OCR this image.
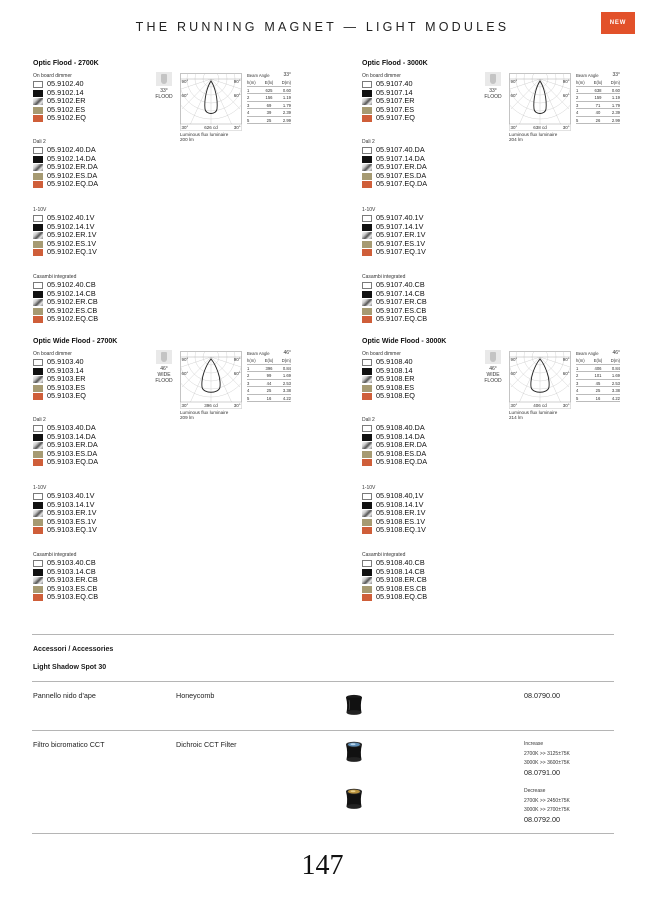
THE RUNNING MAGNET — LIGHT MODULES	NEW
Optic Flood - 2700K
On board dimmer
05.9102.40
05.9102.14
05.9102.ER
05.9102.ES
05.9102.EQ
Dali 2
05.9102.40.DA
05.9102.14.DA
05.9102.ER.DA
05.9102.ES.DA
05.9102.EQ.DA
1-10V
05.9102.40.1V
05.9102.14.1V
05.9102.ER.1V
05.9102.ES.1V
05.9102.EQ.1V
Casambi integrated
05.9102.40.CB
05.9102.14.CB
05.9102.ER.CB
05.9102.ES.CB
05.9102.EQ.CB
33°
FLOOD
90°	90°
60°	60°
30°	626 cd	30°
Luminous flux luminaire
200 lm
Beam Angle	33°
h(m)	E(lx)	D(m)
1	625	0.60
2	156	1.19
3	69	1.79
4	39	2.39
5	25	2.99
Optic Flood - 3000K
On board dimmer
05.9107.40
05.9107.14
05.9107.ER
05.9107.ES
05.9107.EQ
Dali 2
05.9107.40.DA
05.9107.14.DA
05.9107.ER.DA
05.9107.ES.DA
05.9107.EQ.DA
1-10V
05.9107.40.1V
05.9107.14.1V
05.9107.ER.1V
05.9107.ES.1V
05.9107.EQ.1V
Casambi integrated
05.9107.40.CB
05.9107.14.CB
05.9107.ER.CB
05.9107.ES.CB
05.9107.EQ.CB
33°
FLOOD
90°	90°
60°	60°
30°	638 cd	30°
Luminous flux luminaire
204 lm
Beam Angle	33°
h(m)	E(lx)	D(m)
1	638	0.60
2	159	1.19
3	71	1.79
4	40	2.39
5	26	2.99
Optic Wide Flood - 2700K
On board dimmer
05.9103.40
05.9103.14
05.9103.ER
05.9103.ES
05.9103.EQ
Dali 2
05.9103.40.DA
05.9103.14.DA
05.9103.ER.DA
05.9103.ES.DA
05.9103.EQ.DA
1-10V
05.9103.40.1V
05.9103.14.1V
05.9103.ER.1V
05.9103.ES.1V
05.9103.EQ.1V
Casambi integrated
05.9103.40.CB
05.9103.14.CB
05.9103.ER.CB
05.9103.ES.CB
05.9103.EQ.CB
46°
WIDE FLOOD
90°	90°
60°	60°
30°	396 cd	30°
Luminous flux luminaire
209 lm
Beam Angle	46°
h(m)	E(lx)	D(m)
1	396	0.84
2	99	1.69
3	44	2.53
4	25	3.38
5	16	4.22
Optic Wide Flood - 3000K
On board dimmer
05.9108.40
05.9108.14
05.9108.ER
05.9108.ES
05.9108.EQ
Dali 2
05.9108.40.DA
05.9108.14.DA
05.9108.ER.DA
05.9108.ES.DA
05.9108.EQ.DA
1-10V
05.9108.40,1V
05.9108.14.1V
05.9108.ER.1V
05.9108.ES.1V
05.9108.EQ.1V
Casambi integrated
05.9108.40.CB
05.9108.14.CB
05.9108.ER.CB
05.9108.ES.CB
05.9108.EQ.CB
46°
WIDE FLOOD
90°	90°
60°	60°
30°	406 cd	30°
Luminous flux luminaire
214 lm
Beam Angle	46°
h(m)	E(lx)	D(m)
1	406	0.84
2	101	1.69
3	45	2.53
4	25	3.38
5	16	4.22
Accessori / Accessories
Light Shadow Spot 30
Pannello nido d'ape	Honeycomb	08.0790.00
Filtro bicromatico CCT	Dichroic CCT Filter	Increase
2700K >> 3125±75K
3000K >> 3600±75K
08.0791.00
Decrease
2700K >> 2450±75K
3000K >> 2700±75K
08.0792.00
147
